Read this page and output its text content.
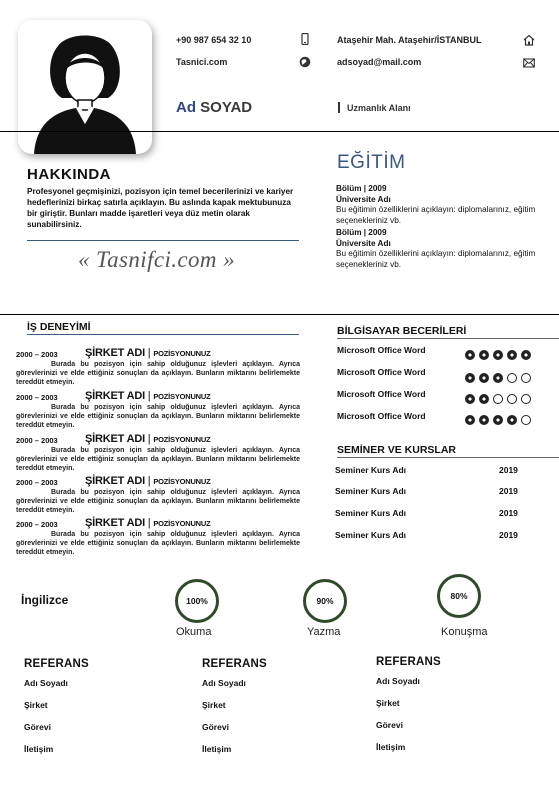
+90 987 654 32 10
Tasnici.com
Ataşehir Mah. Ataşehir/İSTANBUL
adsoyad@mail.com
Ad SOYAD	Uzmanlık Alanı
HAKKINDA
Profesyonel geçmişinizi, pozisyon için temel becerilerinizi ve kariyer hedeflerinizi birkaç satırla açıklayın. Bu aslında kapak mektubunuza bir giriştir. Bunları madde işaretleri veya düz metin olarak sunabilirsiniz.
« Tasnifci.com »
EĞİTİM
Bölüm | 2009
Üniversite Adı
Bu eğitimin özelliklerini açıklayın: diplomalarınız, eğitim seçenekleriniz vb.
Bölüm | 2009
Üniversite Adı
Bu eğitimin özelliklerini açıklayın: diplomalarınız, eğitim seçenekleriniz vb.
İŞ DENEYİMİ
2000 – 2003 ŞİRKET ADI | POZİSYONUNUZ
Burada bu pozisyon için sahip olduğunuz işlevleri açıklayın. Ayrıca görevlerinizi ve elde ettiğiniz sonuçları da açıklayın. Bunların miktarını belirlemekte tereddüt etmeyin.
2000 – 2003 ŞİRKET ADI | POZİSYONUNUZ
Burada bu pozisyon için sahip olduğunuz işlevleri açıklayın. Ayrıca görevlerinizi ve elde ettiğiniz sonuçları da açıklayın. Bunların miktarını belirlemekte tereddüt etmeyin.
2000 – 2003 ŞİRKET ADI | POZİSYONUNUZ
Burada bu pozisyon için sahip olduğunuz işlevleri açıklayın. Ayrıca görevlerinizi ve elde ettiğiniz sonuçları da açıklayın. Bunların miktarını belirlemekte tereddüt etmeyin.
2000 – 2003 ŞİRKET ADI | POZİSYONUNUZ
Burada bu pozisyon için sahip olduğunuz işlevleri açıklayın. Ayrıca görevlerinizi ve elde ettiğiniz sonuçları da açıklayın. Bunların miktarını belirlemekte tereddüt etmeyin.
2000 – 2003 ŞİRKET ADI | POZİSYONUNUZ
Burada bu pozisyon için sahip olduğunuz işlevleri açıklayın. Ayrıca görevlerinizi ve elde ettiğiniz sonuçları da açıklayın. Bunların miktarını belirlemekte tereddüt etmeyin.
BİLGİSAYAR BECERİLERİ
Microsoft Office Word
Microsoft Office Word
Microsoft Office Word
Microsoft Office Word
SEMİNER VE KURSLAR
Seminer Kurs Adı	2019
Seminer Kurs Adı	2019
Seminer Kurs Adı	2019
Seminer Kurs Adı	2019
İngilizce	100%
Okuma
90%
Yazma
80%
Konuşma
REFERANS
Adı Soyadı
Şirket
Görevi
İletişim
REFERANS
Adı Soyadı
Şirket
Görevi
İletişim
REFERANS
Adı Soyadı
Şirket
Görevi
İletişim
